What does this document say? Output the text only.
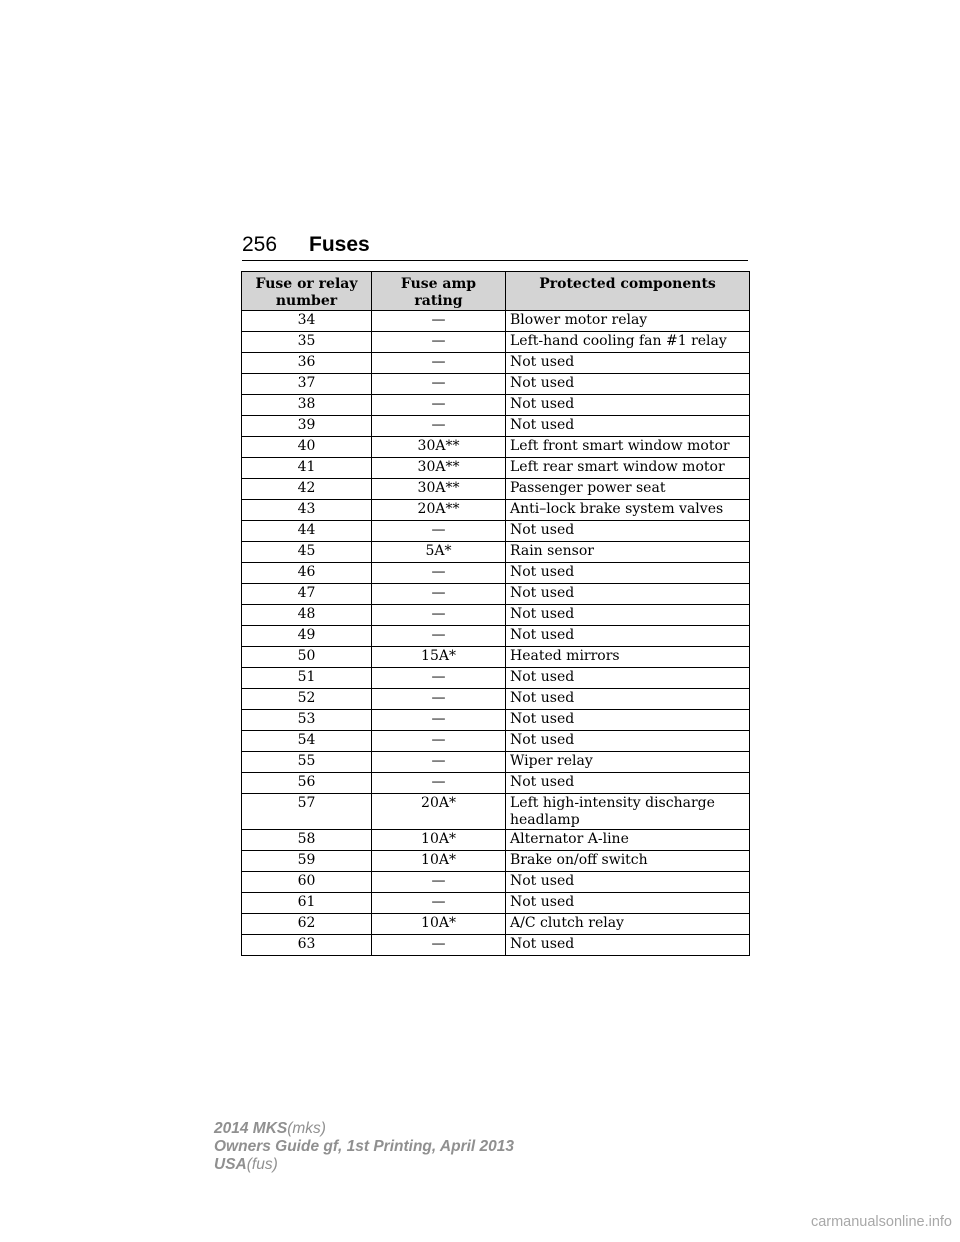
256 Fuses
Fuse or relay number	Fuse amp rating	Protected components
34	—	Blower motor relay
35	—	Left-hand cooling fan #1 relay
36	—	Not used
37	—	Not used
38	—	Not used
39	—	Not used
40	30A**	Left front smart window motor
41	30A**	Left rear smart window motor
42	30A**	Passenger power seat
43	20A**	Anti–lock brake system valves
44	—	Not used
45	5A*	Rain sensor
46	—	Not used
47	—	Not used
48	—	Not used
49	—	Not used
50	15A*	Heated mirrors
51	—	Not used
52	—	Not used
53	—	Not used
54	—	Not used
55	—	Wiper relay
56	—	Not used
57	20A*	Left high-intensity discharge headlamp
58	10A*	Alternator A-line
59	10A*	Brake on/off switch
60	—	Not used
61	—	Not used
62	10A*	A/C clutch relay
63	—	Not used
2014 MKS(mks)
Owners Guide gf, 1st Printing, April 2013
USA(fus)
carmanualsonline.info
